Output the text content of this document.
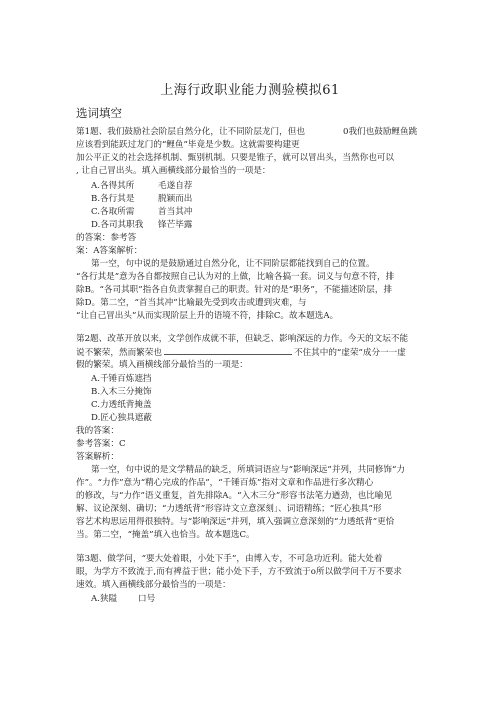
上海行政职业能力测验模拟61
选词填空
第1题、我们鼓励社会阶层自然分化，让不同阶层龙门，但也	0我们也鼓励鲤鱼跳
应该看到能跃过龙门的“鲤鱼”毕竟是少数。这就需要构建更
加公平正义的社会选择机制、甄别机制。只要是锥子，就可以冒出头，当然你也可以
, 让自己冒出头。填入画横线部分最恰当的一项是：
A.各得其所	毛遂自荐
B.各行其是	脱颖而出
C.各取所需	首当其冲
D.各司其职我 锋芒毕露
的答案：参考答
案：A答案解析：
第一空，句中说的是鼓励通过自然分化，让不同阶层都能找到自己的位置。
“各行其是”意为各自都按照自己认为对的上做，比喻各搞一套。词义与句意不符，排
除B。“各司其职”指各自负责掌握自己的职责。针对的是“职务”，不能描述阶层，排
除D。第二空，“首当其冲”比喻最先受到攻击或遭到灾难，与
“让自己冒出头”从而实现阶层上升的语境不符，排除C。故本题选A。
第2题、改革开放以来，文学创作成就不菲，但缺乏、影响深远的力作。今天的文坛不能
说不繁荣，然而繁荣也	不住其中的“虚荣”成分一一虚
假的繁荣。填入画横线部分最恰当的一项是：
A.千锤百炼遮挡
B.入木三分掩饰
C.力透纸背掩盖
D.匠心独具遮蔽
我的答案：
参考答案：C
答案解析：
第一空，句中说的是文学精品的缺乏，所填词语应与“影响深远”并列，共同修饰“力
作”。“力作”意为“精心完成的作品”，“千锤百炼”指对文章和作品进行多次精心
的修改，与“力作”语义重复，首先排除A。“入木三分”形容书法笔力遒劲，也比喻见
解、议论深刻、确切；“力透纸背”形容诗文立意深刻」、词语精练；“匠心独具”形
容艺术构思运用得很独特。与“影响深远”并列，填入强调立意深刻的“力透纸背”更恰
当。第二空，“掩盖”填入也恰当。故本题选C。
第3题、做学问，“要大处着眼，小处下手”，由博入专，不可急功近利。能大处着
眼，为学方不致流于,而有裨益于世；能小处下手，方不致流于o所以做学问千万不要求
速效。填入画横线部分最恰当的一项是：
A.狭隘 口号
